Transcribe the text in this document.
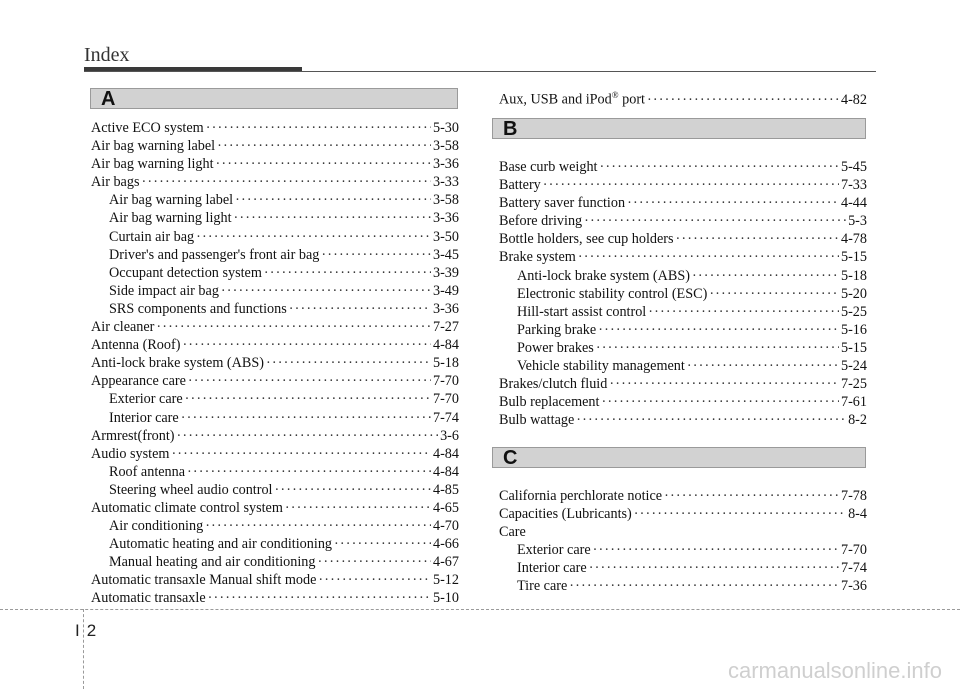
Index
A
Active ECO system · · ·	5-30
Air bag warning label · · ·	3-58
Air bag warning light · · ·	3-36
Air bags · · ·	3-33
Air bag warning label · · ·	3-58
Air bag warning light · · ·	3-36
Curtain air bag · · ·	3-50
Driver's and passenger's front air bag · · ·	3-45
Occupant detection system · · ·	3-39
Side impact air bag · · ·	3-49
SRS components and functions · · ·	3-36
Air cleaner · · ·	7-27
Antenna (Roof) · · ·	4-84
Anti-lock brake system (ABS) · · ·	5-18
Appearance care · · ·	7-70
Exterior care · · ·	7-70
Interior care · · ·	7-74
Armrest(front) · · ·	3-6
Audio system · · ·	4-84
Roof antenna · · ·	4-84
Steering wheel audio control · · ·	4-85
Automatic climate control system · · ·	4-65
Air conditioning · · ·	4-70
Automatic heating and air conditioning · · ·	4-66
Manual heating and air conditioning · · ·	4-67
Automatic transaxle Manual shift mode · · ·	5-12
Automatic transaxle · · ·	5-10
Aux, USB and iPod® port · · ·	4-82
B
Base curb weight · · ·	5-45
Battery · · ·	7-33
Battery saver function · · ·	4-44
Before driving · · ·	5-3
Bottle holders, see cup holders · · ·	4-78
Brake system · · ·	5-15
Anti-lock brake system (ABS) · · ·	5-18
Electronic stability control (ESC) · · ·	5-20
Hill-start assist control · · ·	5-25
Parking brake · · ·	5-16
Power brakes · · ·	5-15
Vehicle stability management · · ·	5-24
Brakes/clutch fluid · · ·	7-25
Bulb replacement · · ·	7-61
Bulb wattage · · ·	8-2
C
California perchlorate notice · · ·	7-78
Capacities (Lubricants) · · ·	8-4
Care
Exterior care · · ·	7-70
Interior care · · ·	7-74
Tire care · · ·	7-36
I2
carmanualsonline.info
